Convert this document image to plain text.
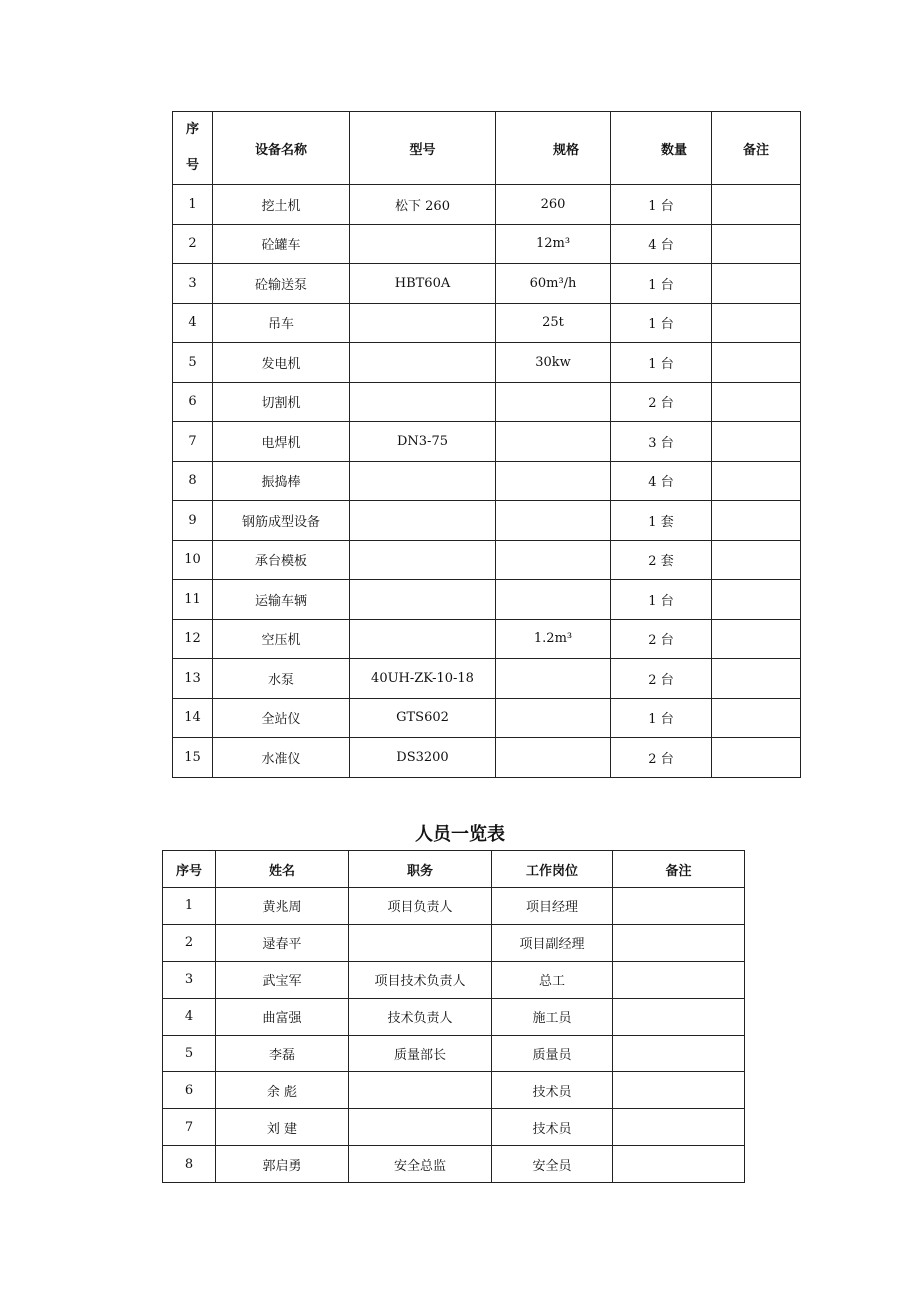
序
号	设备名称	型号	规格	数量	备注
1	挖土机	松下 260	260	1 台	
2	砼罐车		12m³	4 台	
3	砼输送泵	HBT60A	60m³/h	1 台	
4	吊车		25t	1 台	
5	发电机		30kw	1 台	
6	切割机			2 台	
7	电焊机	DN3-75		3 台	
8	振捣棒			4 台	
9	钢筋成型设备			1 套	
10	承台模板			2 套	
11	运输车辆			1 台	
12	空压机		1.2m³	2 台	
13	水泵	40UH-ZK-10-18		2 台	
14	全站仪	GTS602		1 台	
15	水准仪	DS3200		2 台	
人员一览表
序号	姓名	职务	工作岗位	备注
1	黄兆周	项目负责人	项目经理	
2	逯春平		项目副经理	
3	武宝军	项目技术负责人	总工	
4	曲富强	技术负责人	施工员	
5	李磊	质量部长	质量员	
6	余 彪		技术员	
7	刘 建		技术员	
8	郭启勇	安全总监	安全员	
